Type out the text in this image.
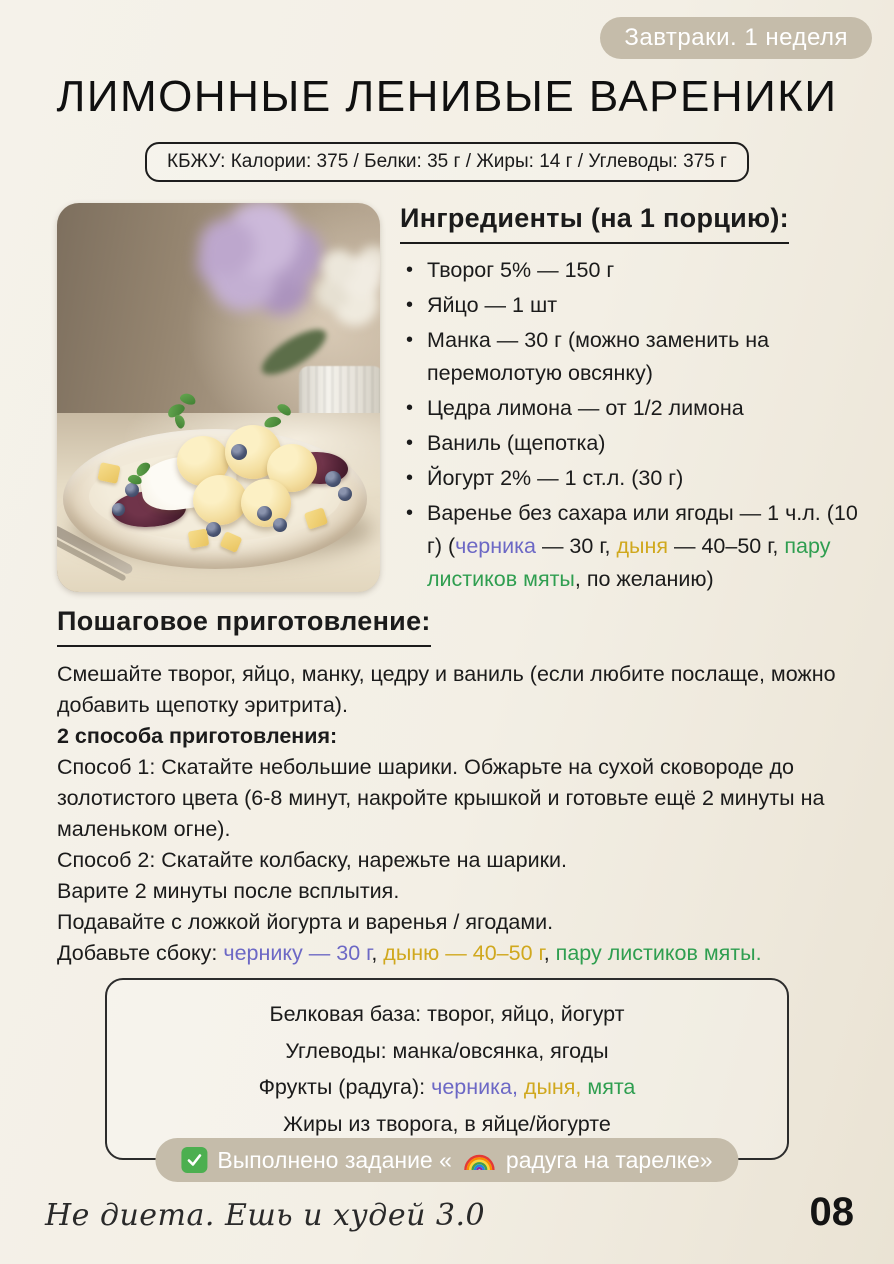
Завтраки. 1 неделя
ЛИМОННЫЕ ЛЕНИВЫЕ ВАРЕНИКИ
КБЖУ: Калории: 375 / Белки: 35 г / Жиры: 14 г / Углеводы: 375 г
Ингредиенты (на 1 порцию):
• Творог 5% — 150 г
• Яйцо — 1 шт
• Манка — 30 г (можно заменить на перемолотую овсянку)
• Цедра лимона — от 1/2 лимона
• Ваниль (щепотка)
• Йогурт 2% — 1 ст.л. (30 г)
• Варенье без сахара или ягоды — 1 ч.л. (10 г) (черника — 30 г, дыня — 40–50 г, пару листиков мяты, по желанию)
Пошаговое приготовление:

Смешайте творог, яйцо, манку, цедру и ваниль (если любите послаще, можно добавить щепотку эритрита).

2 способа приготовления:

Способ 1: Скатайте небольшие шарики. Обжарьте на сухой сковороде до золотистого цвета (6-8 минут, накройте крышкой и готовьте ещё 2 минуты на маленьком огне).

Способ 2: Скатайте колбаску, нарежьте на шарики.

Варите 2 минуты после всплытия.

Подавайте с ложкой йогурта и варенья / ягодами.

Добавьте сбоку: чернику — 30 г, дыню — 40–50 г, пару листиков мяты.

Белковая база: творог, яйцо, йогурт

Углеводы: манка/овсянка, ягоды

Фрукты (радуга): черника, дыня, мята

Жиры из творога, в яйце/йогурте

Выполнено задание « радуга на тарелке»
Не диета. Ешь и худей 3.0	08
